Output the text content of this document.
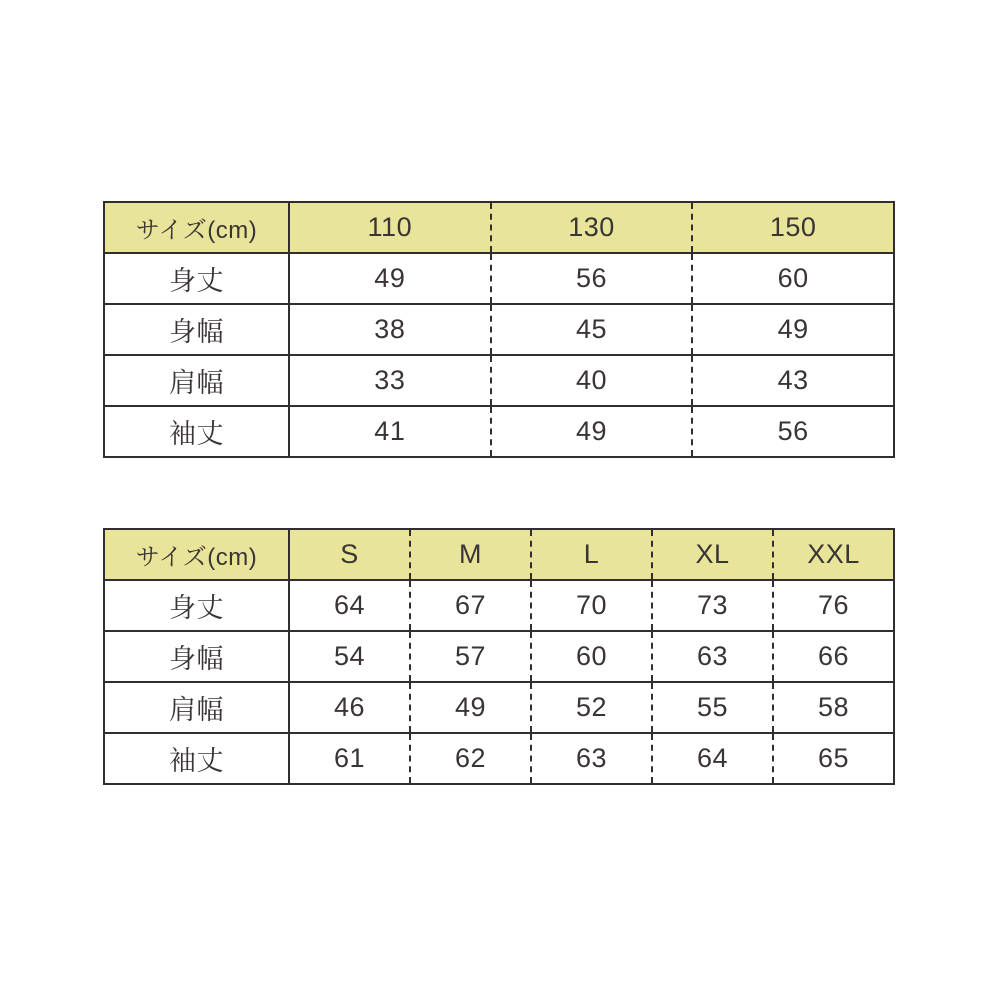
サイズ(cm)	110	130	150
身丈	49	56	60
身幅	38	45	49
肩幅	33	40	43
袖丈	41	49	56
サイズ(cm)	S	M	L	XL	XXL
身丈	64	67	70	73	76
身幅	54	57	60	63	66
肩幅	46	49	52	55	58
袖丈	61	62	63	64	65
